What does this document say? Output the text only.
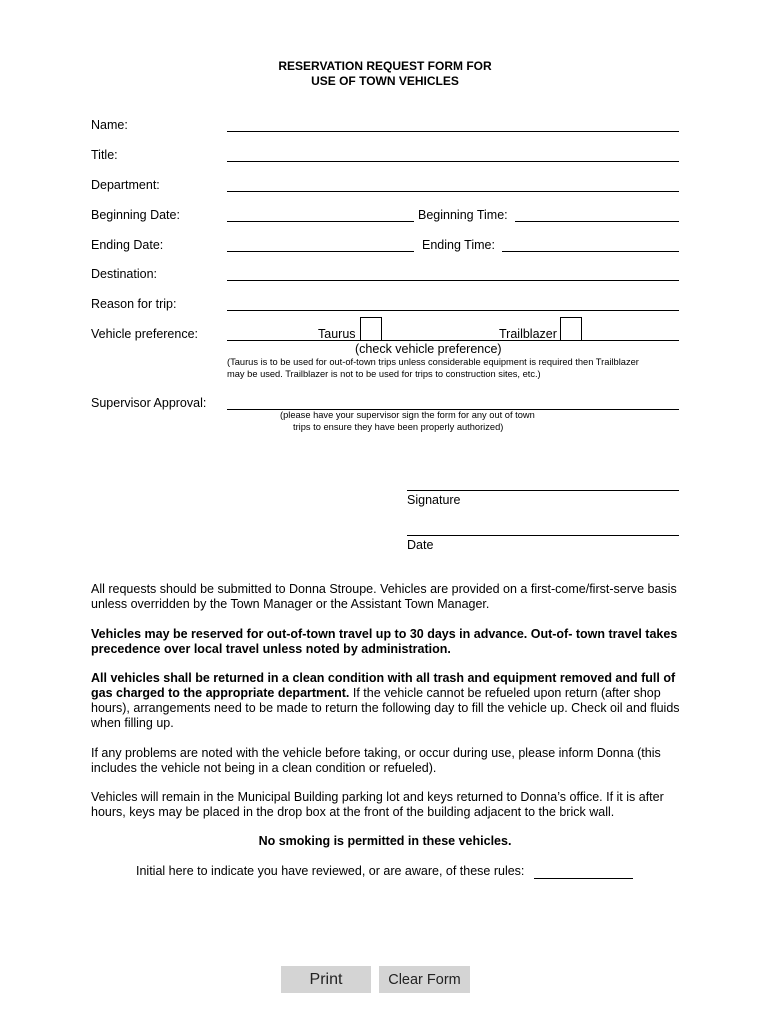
RESERVATION REQUEST FORM FOR
USE OF TOWN VEHICLES
Name:
Title:
Department:
Beginning Date:	Beginning Time:
Ending Date:	Ending Time:
Destination:
Reason for trip:
Vehicle preference:	Taurus	Trailblazer
(check vehicle preference)
(Taurus is to be used for out-of-town trips unless considerable equipment is required then Trailblazer
may be used. Trailblazer is not to be used for trips to construction sites, etc.)
Supervisor Approval:
(please have your supervisor sign the form for any out of town
trips to ensure they have been properly authorized)
Signature
Date

All requests should be submitted to Donna Stroupe. Vehicles are provided on a first-come/first-serve basis unless overridden by the Town Manager or the Assistant Town Manager.

Vehicles may be reserved for out-of-town travel up to 30 days in advance. Out-of- town travel takes precedence over local travel unless noted by administration.

All vehicles shall be returned in a clean condition with all trash and equipment removed and full of gas charged to the appropriate department. If the vehicle cannot be refueled upon return (after shop hours), arrangements need to be made to return the following day to fill the vehicle up. Check oil and fluids when filling up.

If any problems are noted with the vehicle before taking, or occur during use, please inform Donna (this includes the vehicle not being in a clean condition or refueled).

Vehicles will remain in the Municipal Building parking lot and keys returned to Donna’s office. If it is after hours, keys may be placed in the drop box at the front of the building adjacent to the brick wall.

No smoking is permitted in these vehicles.
Initial here to indicate you have reviewed, or are aware, of these rules:
Print	Clear Form
